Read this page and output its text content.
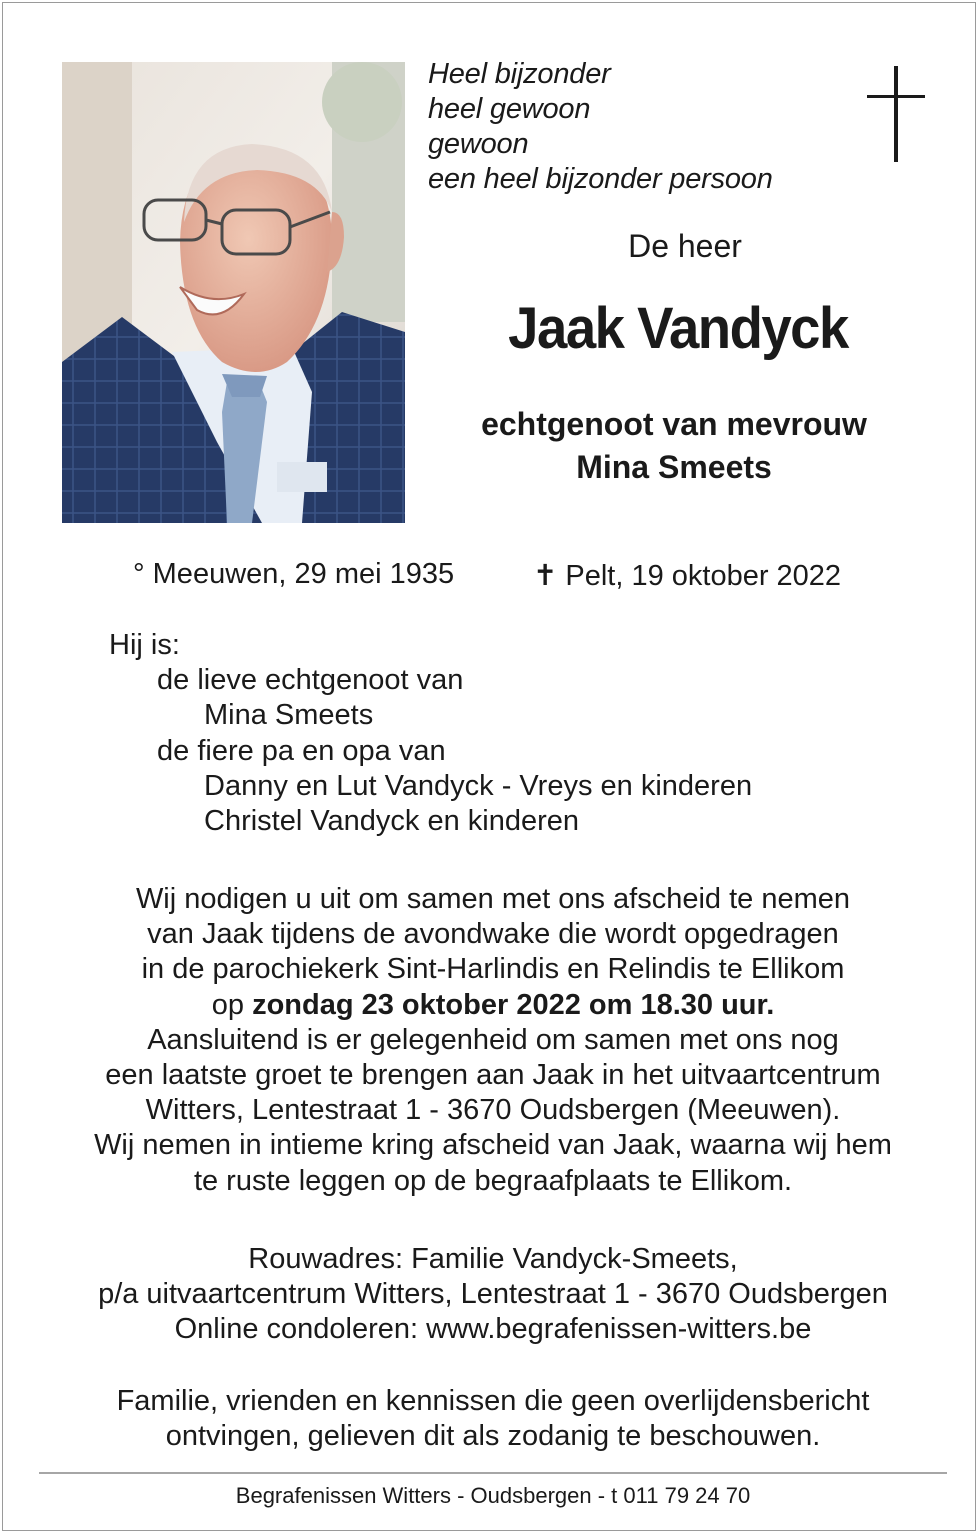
Heel bijzonder
heel gewoon
gewoon
een heel bijzonder persoon
De heer
Jaak Vandyck
echtgenoot van mevrouw
Mina Smeets
° Meeuwen, 29 mei 1935	✝ Pelt, 19 oktober 2022
Hij is:
de lieve echtgenoot van
Mina Smeets
de fiere pa en opa van
Danny en Lut Vandyck - Vreys en kinderen
Christel Vandyck en kinderen
Wij nodigen u uit om samen met ons afscheid te nemen
van Jaak tijdens de avondwake die wordt opgedragen
in de parochiekerk Sint-Harlindis en Relindis te Ellikom
op zondag 23 oktober 2022 om 18.30 uur.
Aansluitend is er gelegenheid om samen met ons nog
een laatste groet te brengen aan Jaak in het uitvaartcentrum
Witters, Lentestraat 1 - 3670 Oudsbergen (Meeuwen).
Wij nemen in intieme kring afscheid van Jaak, waarna wij hem
te ruste leggen op de begraafplaats te Ellikom.
Rouwadres: Familie Vandyck-Smeets,
p/a uitvaartcentrum Witters, Lentestraat 1 - 3670 Oudsbergen
Online condoleren: www.begrafenissen-witters.be
Familie, vrienden en kennissen die geen overlijdensbericht
ontvingen, gelieven dit als zodanig te beschouwen.
Begrafenissen Witters - Oudsbergen - t 011 79 24 70
